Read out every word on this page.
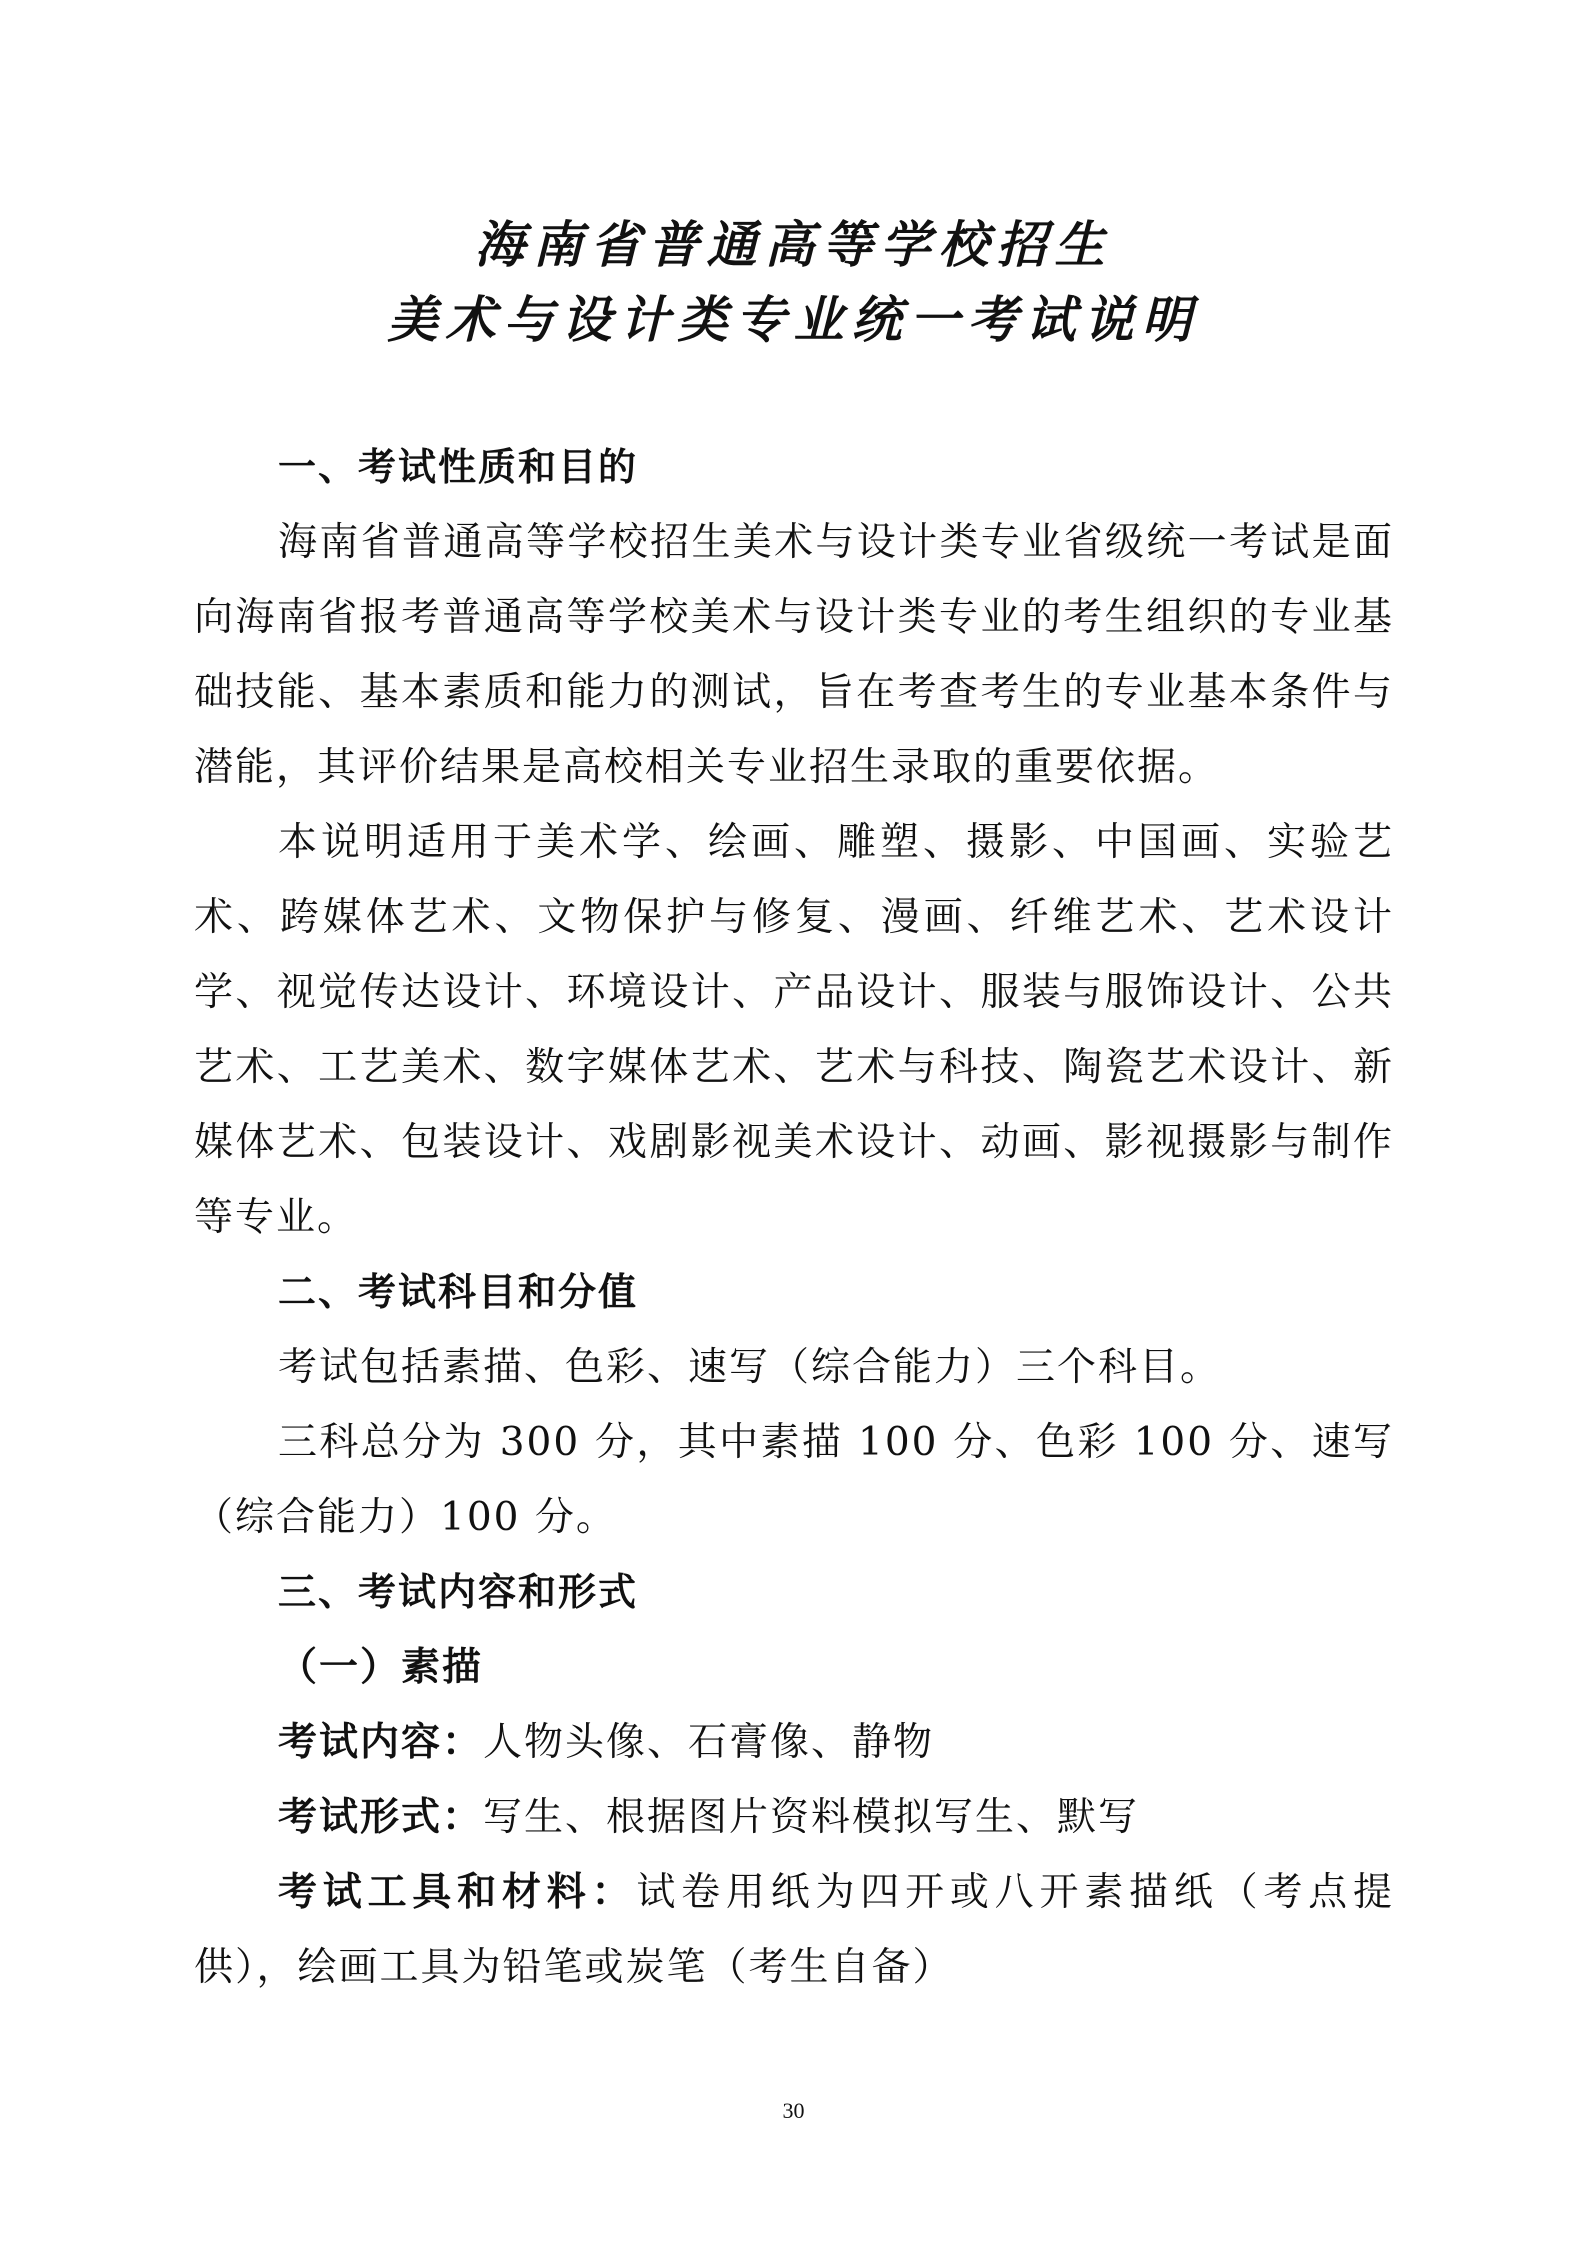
海南省普通高等学校招生
美术与设计类专业统一考试说明

一、考试性质和目的

海南省普通高等学校招生美术与设计类专业省级统一考试是面向海南省报考普通高等学校美术与设计类专业的考生组织的专业基础技能、基本素质和能力的测试，旨在考查考生的专业基本条件与潜能，其评价结果是高校相关专业招生录取的重要依据。

本说明适用于美术学、绘画、雕塑、摄影、中国画、实验艺术、跨媒体艺术、文物保护与修复、漫画、纤维艺术、艺术设计学、视觉传达设计、环境设计、产品设计、服装与服饰设计、公共艺术、工艺美术、数字媒体艺术、艺术与科技、陶瓷艺术设计、新媒体艺术、包装设计、戏剧影视美术设计、动画、影视摄影与制作等专业。

二、考试科目和分值

考试包括素描、色彩、速写（综合能力）三个科目。

三科总分为 300 分，其中素描 100 分、色彩 100 分、速写（综合能力）100 分。

三、考试内容和形式

（一）素描

考试内容：人物头像、石膏像、静物

考试形式：写生、根据图片资料模拟写生、默写

考试工具和材料：试卷用纸为四开或八开素描纸（考点提供），绘画工具为铅笔或炭笔（考生自备）

30
